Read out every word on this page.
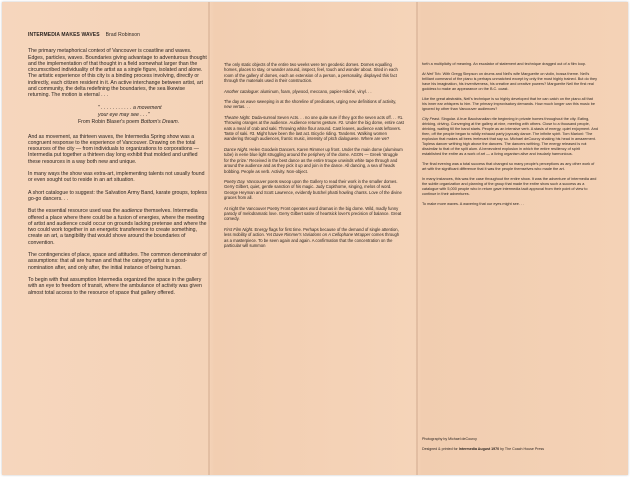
INTERMEDIA MAKES WAVES Brad Robinson

The primary metaphorical context of Vancouver is coastline and waves. Edges, particles, waves. Boundaries giving advantage to adventurous thought and the implementation of that thought in a field somewhat larger than the circumscribed individuality of the artist as a single figure, isolated and alone. The artistic experience of this city is a binding process involving, directly or indirectly, each citizen resident in it. An active interchange between artist, art and community, the delta redefining the boundaries, the sea likewise returning. The motion is eternal . . .

" . . . . . . . . . . . a movement
your eye may see . . ."
From Robin Blaser's poem Bottom's Dream.

And as movement, as thirteen waves, the Intermedia Spring show was a congruent response to the experience of Vancouver. Drawing on the total resources of the city — from individuals to organizations to corporations — Intermedia put together a thirteen day long exhibit that molded and unified these resources in a way both new and unique.

In many ways the show was extra-art, implementing talents not usually found or even sought out to reside in an art situation.

A short catalogue to suggest: the Salvation Army Band, karate groups, topless go-go dancers. . .

But the essential resource used was the audience themselves. Intermedia offered a place where there could be a fusion of energies, where the meeting of artist and audience could occur on grounds lacking pretense and where the two could work together in an energetic transference to create something, create an art, a tangibility that would shove around the boundaries of convention.

The contingencies of place, space and attitudes. The common denominator of assumptions: that all are human and that the category artist is a post-nomination after, and only after, the initial instance of being human.

To begin with that assumption Intermedia organized the space in the gallery with an eye to freedom of transit, where the ambulance of activity was given almost total access to the resource of space that gallery offered.

The only static objects of the entire two weeks were ten geodesic domes. Domes equalling homes, places to stay, or wander around, inspect, feel, touch and wonder about. Sited in each room of the gallery of domes, each an extension of a person, a personality, displayed this fact through the materials used in their construction.

Another catalogue: aluminum, foam, plywood, meccano, papier-mâché, vinyl. . .

The day as wave sweeping in at the shoreline of predicates, urging new definitions of activity, new vertas. . .

Theatre Night. Dada-surreal Seven Acts. . . no one quite sure if they got the seven acts off. . . #1. Throwing oranges at the audience. Audience returns gesture. #2. Under the big dome, entire cast eats a meal of crab and saki. Throwing white flour around. Cast leaves, audience eats leftovers. Taste of saki. #3. Might have been the last act. Bicycle riding. Tandems. Walking women wandering through audiences, frantic music, intensity of pitch dialoguese. Where are we?

Dance Night. Helen Goodwin Dancers. Karen Rimmer up front. Under the main dome (aluminum tube) in eerie blue light struggling around the periphery of the dome. AGON — Greek 'struggle for the prize.' Received in the best dance as the entire troupe unwinds white tape through and around the audience and as they pick it up and join in the dance. All dancing, a sea of heads bobbing. People as verb. Activity. Non-object.

Poetry Day. Vancouver poets swoop upon the Gallery to read their work in the smaller domes. Gerry Gilbert, quiet, gentle sanction of his magic. Judy Copithorne, singing, melos of word. George Heyman and Scott Lawrence, evidently butchel phatti howling chants. Love of the divine graces from all.

At night the Vancouver Poetry Front operates word dramas in the big dome. Wild, madly funny parody of melodramatic love. Gerry Gilbert satire of heartsick lover's precision of balance. Great comedy.

First Film Night. Energy flags for first time. Perhaps because of the demand of single attention, less mobility of action. Yet Dave Rimmer's Variations on A Cellophane Wrapper comes through as a masterpiece. To be seen again and again. A confirmation that the concentration on the particular will summon

forth a multiplicity of meaning. An escalator of statement and technique dragged out of a film loop.

At Neil Trio. With Gregg Simpson on drums and Neil's wife Marguerite on violin, bossa theme. Neil's brilliant command of the piano is perhaps unmatched except by only the most highly trained. But do they have his imagination, his inventiveness, his creative and creative powers? Marguerite Neil the first real goddess to make an appearance on the B.C. coast.

Like the great abstrakts, Neil's technique is so highly developed that he can catch on the piano all that his inner ear whispers to him. The primary improvisatory demands. How much longer can this music be ignored by other than Vancouver audiences?

City Feast. Singular. A true Bacchanalian rite beginning in private homes throughout the city. Eating, drinking, driving. Converging at the gallery at nine, meeting with others. Close to a thousand people, drinking, waiting till the band starts. People as an intensive verb. A stasis of energy, quiet enjoyment. And then, off the people began to wildly exhaust party joyously dance. The infinite spirit. Tom Marioni: 'The explosion that makes all bees irrelevant that say so. Michael deCourcy shaking his head in amazement. Topless dancer writhing high above the dancers. The dancers writhing. The energy released is not dissimilar to that of the spilt alum. A benevolent explosion in which the entire resiliency of spirit established the entire as a work of art — a living organism alive and insularly harmonious.

The final evening was a total success that changed so many people's perceptions as any other work of art with the significant difference that it was the people themselves who made the art.

In many instances, this was the case throughout the entire show. It was the adventure of intermedia and the subtle organization and planning of the group that made the entire show such a success as a catalogue with 5,000 people who in return gave intermedia tacit approval from their point of view to continue in their adventures.

To make more waves. A wavering that our eyes might see. . .

Photography by Michael deCourcy

Designed & printed for Intermedia August 1970 by The Coach House Press
